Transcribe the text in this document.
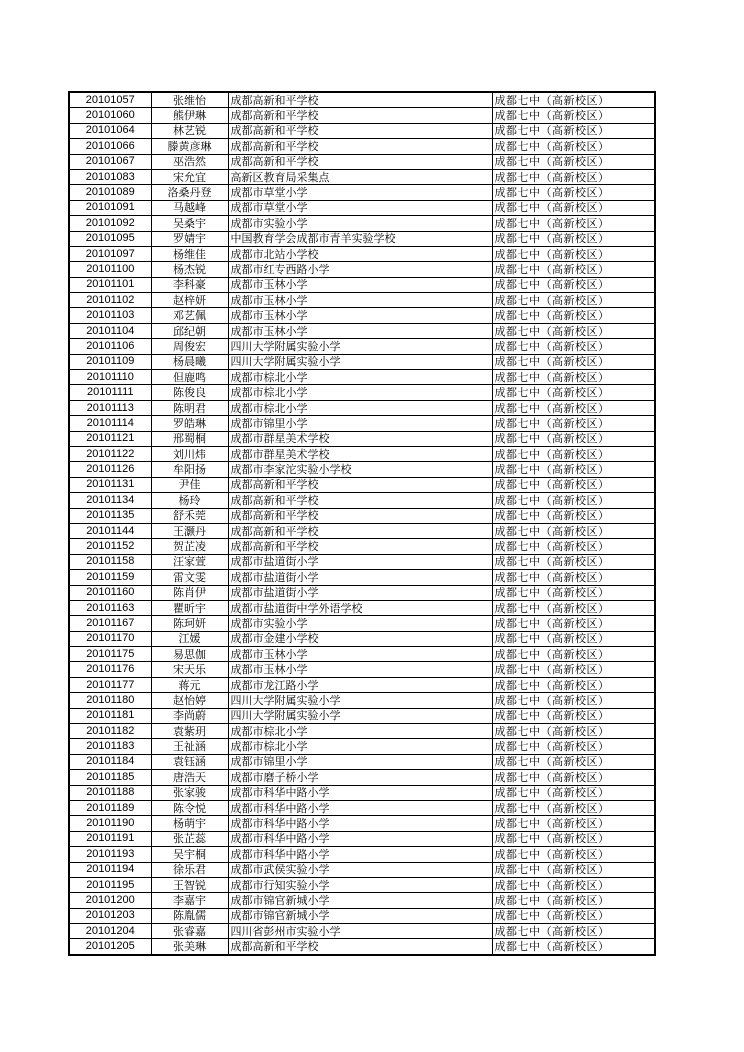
20101057	张维怡	成都高新和平学校	成都七中（高新校区）
20101060	熊伊琳	成都高新和平学校	成都七中（高新校区）
20101064	林艺锐	成都高新和平学校	成都七中（高新校区）
20101066	滕黄彦琳	成都高新和平学校	成都七中（高新校区）
20101067	巫浩然	成都高新和平学校	成都七中（高新校区）
20101083	宋允宜	高新区教育局采集点	成都七中（高新校区）
20101089	洛桑丹登	成都市草堂小学	成都七中（高新校区）
20101091	马越峰	成都市草堂小学	成都七中（高新校区）
20101092	吴桑宇	成都市实验小学	成都七中（高新校区）
20101095	罗婧宇	中国教育学会成都市青羊实验学校	成都七中（高新校区）
20101097	杨维佳	成都市北站小学校	成都七中（高新校区）
20101100	杨杰锐	成都市红专西路小学	成都七中（高新校区）
20101101	李科豪	成都市玉林小学	成都七中（高新校区）
20101102	赵梓妍	成都市玉林小学	成都七中（高新校区）
20101103	邓艺佩	成都市玉林小学	成都七中（高新校区）
20101104	邱纪朝	成都市玉林小学	成都七中（高新校区）
20101106	周俊宏	四川大学附属实验小学	成都七中（高新校区）
20101109	杨晨曦	四川大学附属实验小学	成都七中（高新校区）
20101110	但鹿鸣	成都市棕北小学	成都七中（高新校区）
20101111	陈俊良	成都市棕北小学	成都七中（高新校区）
20101113	陈明君	成都市棕北小学	成都七中（高新校区）
20101114	罗皓琳	成都市锦里小学	成都七中（高新校区）
20101121	邢蜀桐	成都市群星美术学校	成都七中（高新校区）
20101122	刘川炜	成都市群星美术学校	成都七中（高新校区）
20101126	牟阳扬	成都市李家沱实验小学校	成都七中（高新校区）
20101131	尹佳	成都高新和平学校	成都七中（高新校区）
20101134	杨玲	成都高新和平学校	成都七中（高新校区）
20101135	舒禾莞	成都高新和平学校	成都七中（高新校区）
20101144	王灏丹	成都高新和平学校	成都七中（高新校区）
20101152	贺芷凌	成都高新和平学校	成都七中（高新校区）
20101158	汪家萱	成都市盐道街小学	成都七中（高新校区）
20101159	雷文雯	成都市盐道街小学	成都七中（高新校区）
20101160	陈肖伊	成都市盐道街小学	成都七中（高新校区）
20101163	瞿昕宇	成都市盐道街中学外语学校	成都七中（高新校区）
20101167	陈珂妍	成都市实验小学	成都七中（高新校区）
20101170	江媛	成都市金建小学校	成都七中（高新校区）
20101175	易思伽	成都市玉林小学	成都七中（高新校区）
20101176	宋天乐	成都市玉林小学	成都七中（高新校区）
20101177	蒋元	成都市龙江路小学	成都七中（高新校区）
20101180	赵怡婷	四川大学附属实验小学	成都七中（高新校区）
20101181	李尚蔚	四川大学附属实验小学	成都七中（高新校区）
20101182	袁紫玥	成都市棕北小学	成都七中（高新校区）
20101183	王祉涵	成都市棕北小学	成都七中（高新校区）
20101184	袁钰涵	成都市锦里小学	成都七中（高新校区）
20101185	唐浩天	成都市磨子桥小学	成都七中（高新校区）
20101188	张家骏	成都市科华中路小学	成都七中（高新校区）
20101189	陈令悦	成都市科华中路小学	成都七中（高新校区）
20101190	杨萌宇	成都市科华中路小学	成都七中（高新校区）
20101191	张芷蕊	成都市科华中路小学	成都七中（高新校区）
20101193	吴宇桐	成都市科华中路小学	成都七中（高新校区）
20101194	徐乐君	成都市武侯实验小学	成都七中（高新校区）
20101195	王智锐	成都市行知实验小学	成都七中（高新校区）
20101200	李嘉宇	成都市锦官新城小学	成都七中（高新校区）
20101203	陈胤儒	成都市锦官新城小学	成都七中（高新校区）
20101204	张睿嘉	四川省彭州市实验小学	成都七中（高新校区）
20101205	张美琳	成都高新和平学校	成都七中（高新校区）
